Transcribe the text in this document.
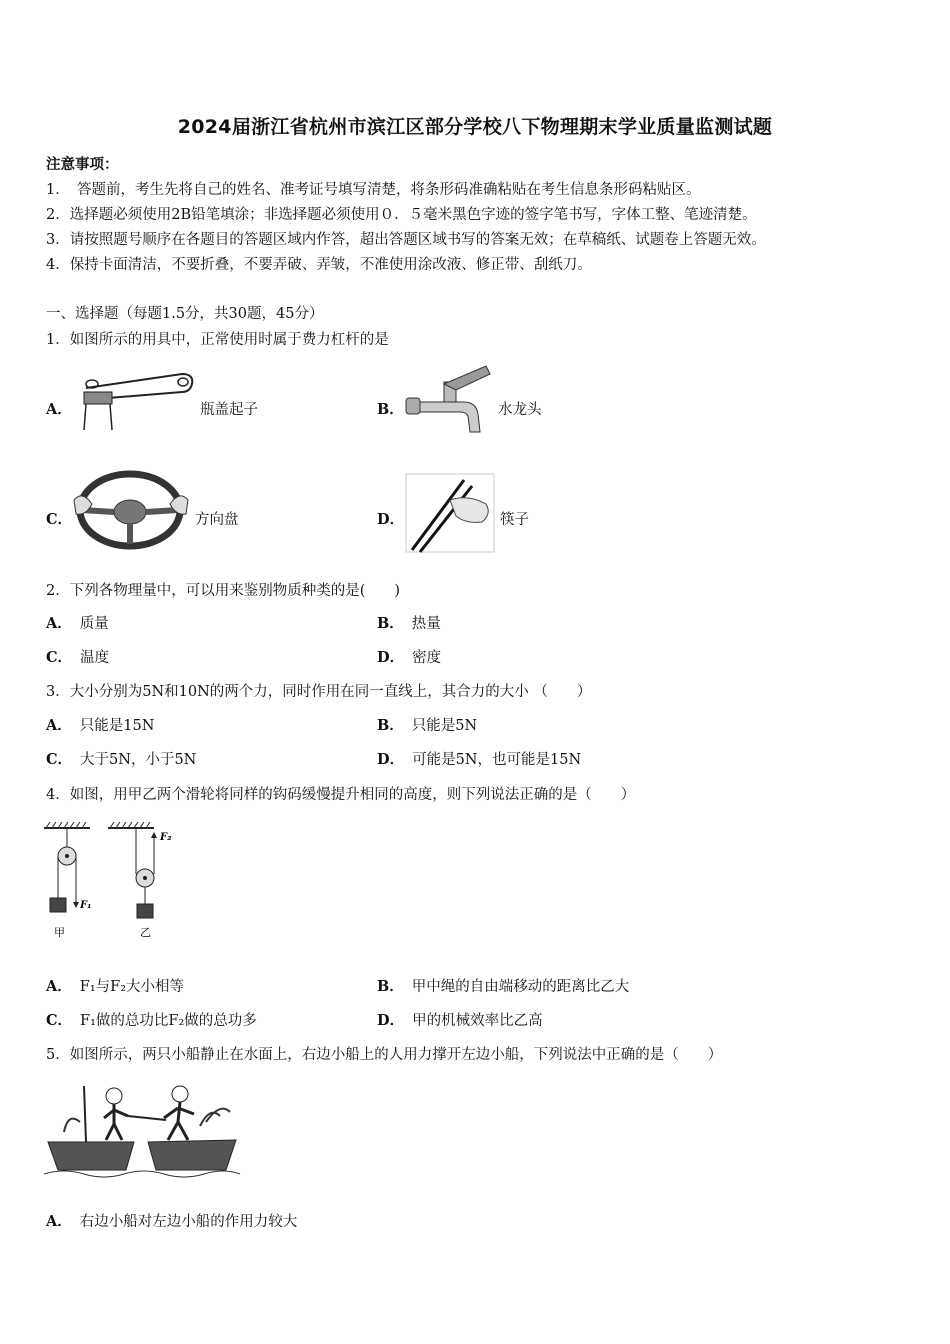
2024届浙江省杭州市滨江区部分学校八下物理期末学业质量监测试题
注意事项：
1．　答题前，考生先将自己的姓名、准考证号填写清楚，将条形码准确粘贴在考生信息条形码粘贴区。
2．选择题必须使用2B铅笔填涂；非选择题必须使用０．５毫米黑色字迹的签字笔书写，字体工整、笔迹清楚。
3．请按照题号顺序在各题目的答题区域内作答，超出答题区域书写的答案无效；在草稿纸、试题卷上答题无效。
4．保持卡面清洁，不要折叠，不要弄破、弄皱，不准使用涂改液、修正带、刮纸刀。
一、选择题（每题1.5分，共30题，45分）
1．如图所示的用具中，正常使用时属于费力杠杆的是
A．	瓶盖起子	B．	水龙头
C．	方向盘	D．	筷子
2．下列各物理量中，可以用来鉴别物质种类的是(　　)
A． 质量	B． 热量
C． 温度	D． 密度
3．大小分别为5N和10N的两个力，同时作用在同一直线上，其合力的大小 （　　）
A． 只能是15N	B． 只能是5N
C． 大于5N，小于5N	D． 可能是5N，也可能是15N
4．如图，用甲乙两个滑轮将同样的钩码缓慢提升相同的高度，则下列说法正确的是（　　）
F₁
F₂
甲	乙
A． F₁与F₂大小相等	B． 甲中绳的自由端移动的距离比乙大
C． F₁做的总功比F₂做的总功多	D． 甲的机械效率比乙高
5．如图所示，两只小船静止在水面上，右边小船上的人用力撑开左边小船，下列说法中正确的是（　　）
A． 右边小船对左边小船的作用力较大
